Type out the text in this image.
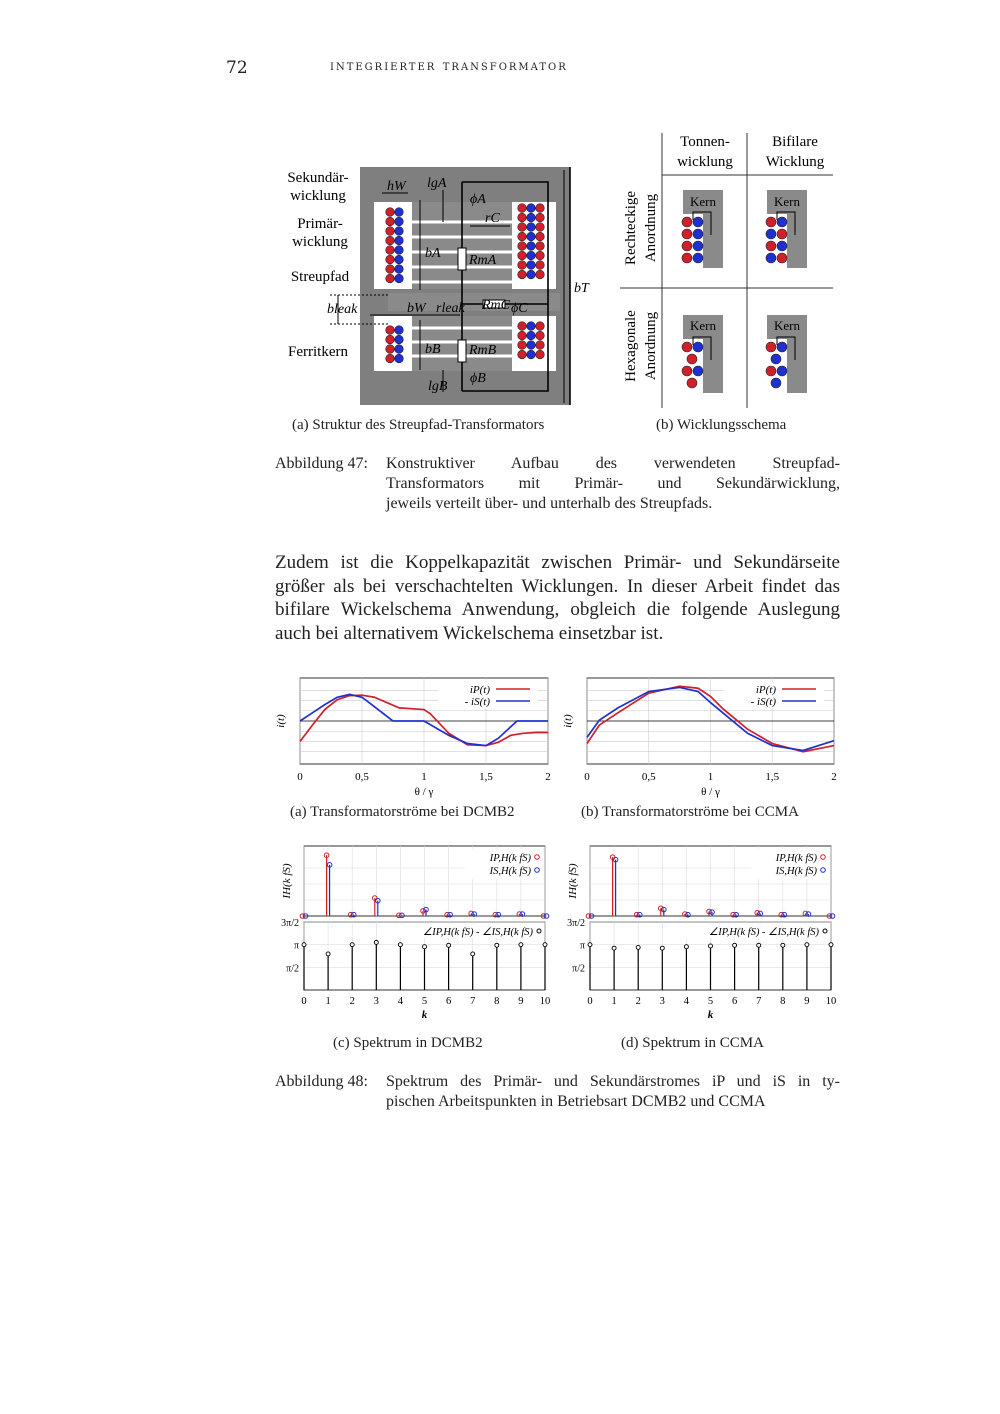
72	integrierter transformator
Sekundär-
wicklung
Primär-
wicklung
Streupfad
Ferritkern
hW lgA
ϕA
rC
bA RmA
bW rleak RmC ϕC
bleak
bB RmB
ϕB
lgB
bT
(a) Struktur des Streupfad-Transformators
Tonnen-
wicklung
Bifilare
Wicklung
Rechteckige Anordnung
Hexagonale Anordnung
Kern	Kern
Kern	Kern
(b) Wicklungsschema
Abbildung 47: Konstruktiver Aufbau des verwendeten Streupfad-
Transformators mit Primär- und Sekundärwicklung,
jeweils verteilt über- und unterhalb des Streupfads.
Zudem ist die Koppelkapazität zwischen Primär- und Sekundärseite
größer als bei verschachtelten Wicklungen. In dieser Arbeit findet das
bifilare Wickelschema Anwendung, obgleich die folgende Auslegung
auch bei alternativem Wickelschema einsetzbar ist.
0	0,5	1	1,5	2
iP(t)
- iS(t)
i(t)
θ / γ
0	0,5	1	1,5	2
iP(t)
- iS(t)
i(t)
θ / γ
IP,H(k fS)
IS,H(k fS)
IH(k fS)
3π/2
π
π/2
∠IP,H(k fS) - ∠IS,H(k fS)
0 1 2 3 4 5 6 7 8 9 10
k
IP,H(k fS)
IS,H(k fS)
IH(k fS)
3π/2
π
π/2
∠IP,H(k fS) - ∠IS,H(k fS)
0 1 2 3 4 5 6 7 8 9 10
k
(a) Transformatorströme bei DCMB2	(b) Transformatorströme bei CCMA
(c) Spektrum in DCMB2	(d) Spektrum in CCMA
Abbildung 48: Spektrum des Primär- und Sekundärstromes iP und iS in ty-
pischen Arbeitspunkten in Betriebsart DCMB2 und CCMA
